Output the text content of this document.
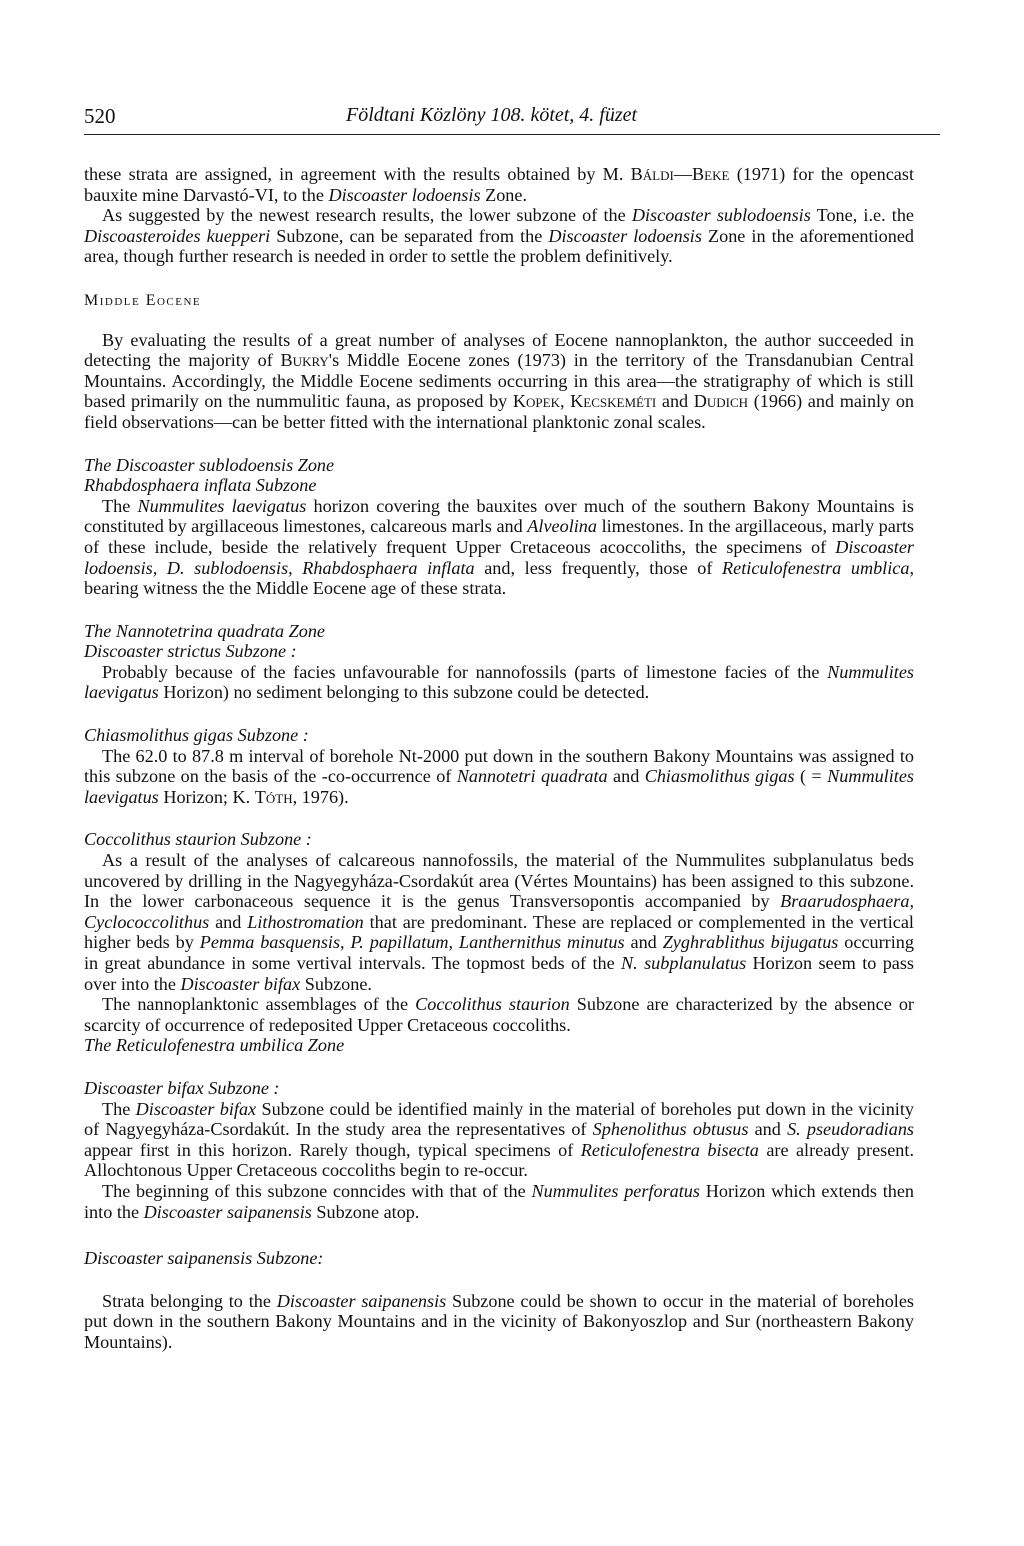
520	Földtani Közlöny 108. kötet, 4. füzet

these strata are assigned, in agreement with the results obtained by M. Báldi—Beke (1971) for the opencast bauxite mine Darvastó-VI, to the Discoaster lodoensis Zone.

As suggested by the newest research results, the lower subzone of the Discoaster sublodoensis Tone, i.e. the Discoasteroides kuepperi Subzone, can be separated from the Discoaster lodoensis Zone in the aforementioned area, though further research is needed in order to settle the problem definitively.

Middle Eocene

By evaluating the results of a great number of analyses of Eocene nannoplankton, the author succeeded in detecting the majority of Bukry's Middle Eocene zones (1973) in the territory of the Transdanubian Central Mountains. Accordingly, the Middle Eocene sediments occurring in this area—the stratigraphy of which is still based primarily on the nummulitic fauna, as proposed by Kopek, Kecskeméti and Dudich (1966) and mainly on field observations—can be better fitted with the international planktonic zonal scales.

The Discoaster sublodoensis Zone

Rhabdosphaera inflata Subzone

The Nummulites laevigatus horizon covering the bauxites over much of the southern Bakony Mountains is constituted by argillaceous limestones, calcareous marls and Alveolina limestones. In the argillaceous, marly parts of these include, beside the relatively frequent Upper Cretaceous acoccoliths, the specimens of Discoaster lodoensis, D. sublodoensis, Rhabdosphaera inflata and, less frequently, those of Reticulofenestra umblica, bearing witness the the Middle Eocene age of these strata.

The Nannotetrina quadrata Zone

Discoaster strictus Subzone :

Probably because of the facies unfavourable for nannofossils (parts of limestone facies of the Nummulites laevigatus Horizon) no sediment belonging to this subzone could be detected.

Chiasmolithus gigas Subzone :

The 62.0 to 87.8 m interval of borehole Nt-2000 put down in the southern Bakony Mountains was assigned to this subzone on the basis of the -co-occurrence of Nannotetri quadrata and Chiasmolithus gigas ( = Nummulites laevigatus Horizon; K. Tóth, 1976).

Coccolithus staurion Subzone :

As a result of the analyses of calcareous nannofossils, the material of the Nummulites subplanulatus beds uncovered by drilling in the Nagyegyháza-Csordakút area (Vértes Mountains) has been assigned to this subzone. In the lower carbonaceous sequence it is the genus Transversopontis accompanied by Braarudosphaera, Cyclococcolithus and Lithostromation that are predominant. These are replaced or complemented in the vertical higher beds by Pemma basquensis, P. papillatum, Lanthernithus minutus and Zyghrablithus bijugatus occurring in great abundance in some vertival intervals. The topmost beds of the N. subplanulatus Horizon seem to pass over into the Discoaster bifax Subzone.

The nannoplanktonic assemblages of the Coccolithus staurion Subzone are characterized by the absence or scarcity of occurrence of redeposited Upper Cretaceous coccoliths.

The Reticulofenestra umbilica Zone

Discoaster bifax Subzone :

The Discoaster bifax Subzone could be identified mainly in the material of boreholes put down in the vicinity of Nagyegyháza-Csordakút. In the study area the representatives of Sphenolithus obtusus and S. pseudoradians appear first in this horizon. Rarely though, typical specimens of Reticulofenestra bisecta are already present. Allochtonous Upper Cretaceous coccoliths begin to re-occur.

The beginning of this subzone conncides with that of the Nummulites perforatus Horizon which extends then into the Discoaster saipanensis Subzone atop.

Discoaster saipanensis Subzone:

Strata belonging to the Discoaster saipanensis Subzone could be shown to occur in the material of boreholes put down in the southern Bakony Mountains and in the vicinity of Bakonyoszlop and Sur (northeastern Bakony Mountains).
